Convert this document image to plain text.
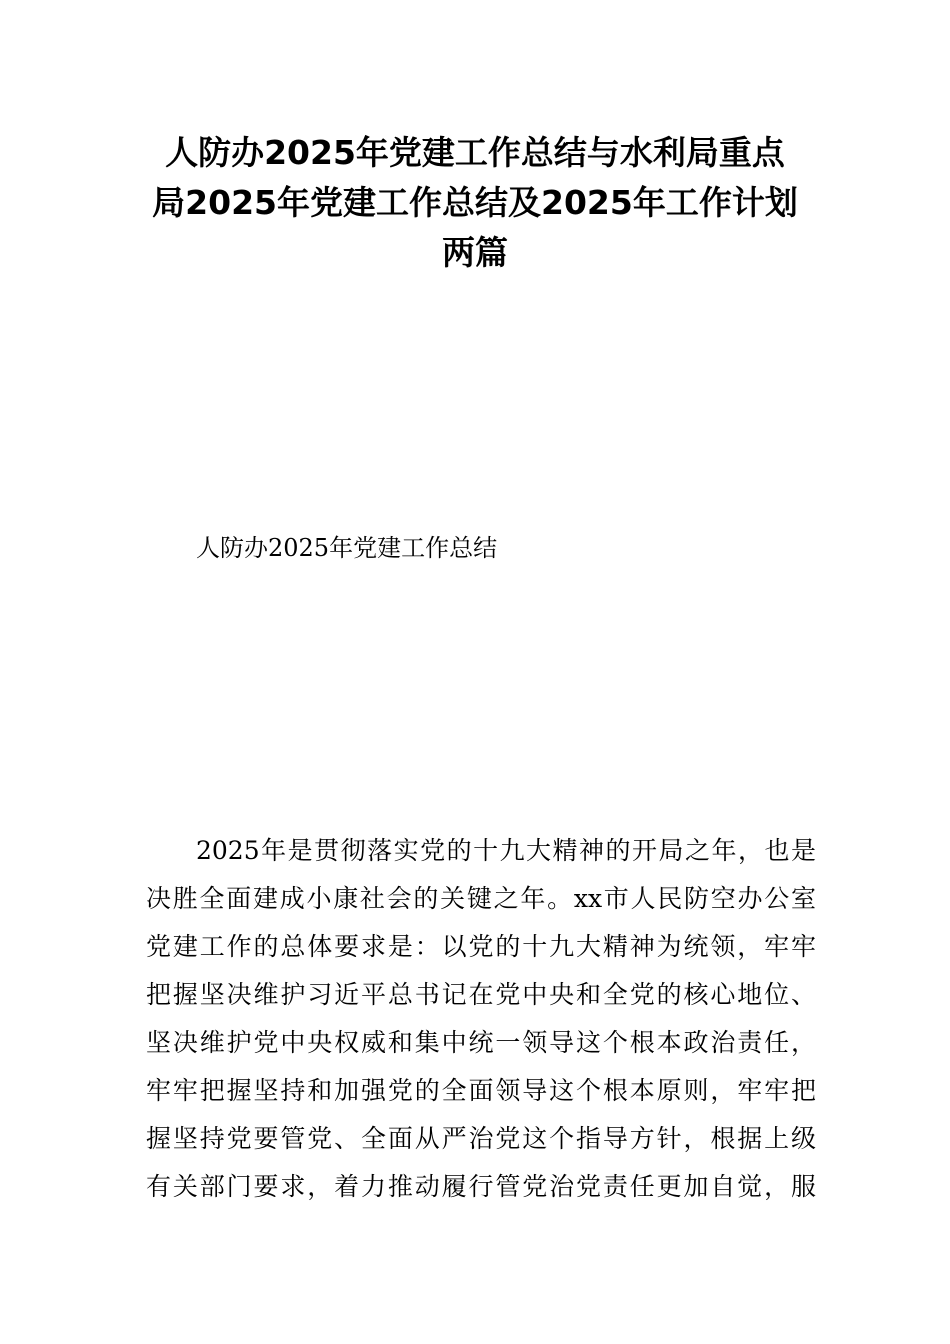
人防办2025年党建工作总结与水利局重点
局2025年党建工作总结及2025年工作计划
两篇

人防办2025年党建工作总结

2025年是贯彻落实党的十九大精神的开局之年，也是
决胜全面建成小康社会的关键之年。xx市人民防空办公室
党建工作的总体要求是：以党的十九大精神为统领，牢牢
把握坚决维护习近平总书记在党中央和全党的核心地位、
坚决维护党中央权威和集中统一领导这个根本政治责任，
牢牢把握坚持和加强党的全面领导这个根本原则，牢牢把
握坚持党要管党、全面从严治党这个指导方针，根据上级
有关部门要求，着力推动履行管党治党责任更加自觉，服
